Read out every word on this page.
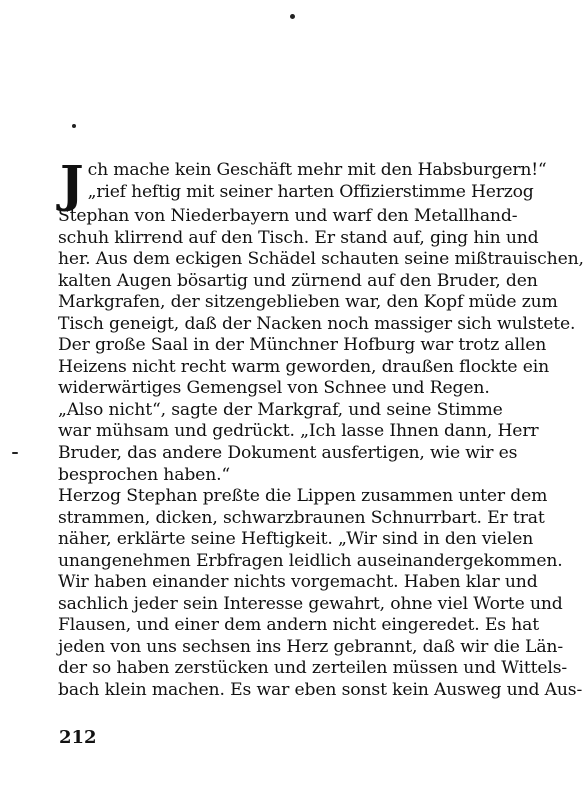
J ch mache kein Geschäft mehr mit den Habsburgern!“
„rief heftig mit seiner harten Offizierstimme Herzog
Stephan von Niederbayern und warf den Metallhand-
schuh klirrend auf den Tisch. Er stand auf, ging hin und
her. Aus dem eckigen Schädel schauten seine mißtrauischen,
kalten Augen bösartig und zürnend auf den Bruder, den
Markgrafen, der sitzengeblieben war, den Kopf müde zum
Tisch geneigt, daß der Nacken noch massiger sich wulstete.
Der große Saal in der Münchner Hofburg war trotz allen
Heizens nicht recht warm geworden, draußen flockte ein
widerwärtiges Gemengsel von Schnee und Regen.
„Also nicht“, sagte der Markgraf, und seine Stimme
war mühsam und gedrückt. „Ich lasse Ihnen dann, Herr
Bruder, das andere Dokument ausfertigen, wie wir es
besprochen haben.“
Herzog Stephan preßte die Lippen zusammen unter dem
strammen, dicken, schwarzbraunen Schnurrbart. Er trat
näher, erklärte seine Heftigkeit. „Wir sind in den vielen
unangenehmen Erbfragen leidlich auseinandergekommen.
Wir haben einander nichts vorgemacht. Haben klar und
sachlich jeder sein Interesse gewahrt, ohne viel Worte und
Flausen, und einer dem andern nicht eingeredet. Es hat
jeden von uns sechsen ins Herz gebrannt, daß wir die Län-
der so haben zerstücken und zerteilen müssen und Wittels-
bach klein machen. Es war eben sonst kein Ausweg und Aus-
212
